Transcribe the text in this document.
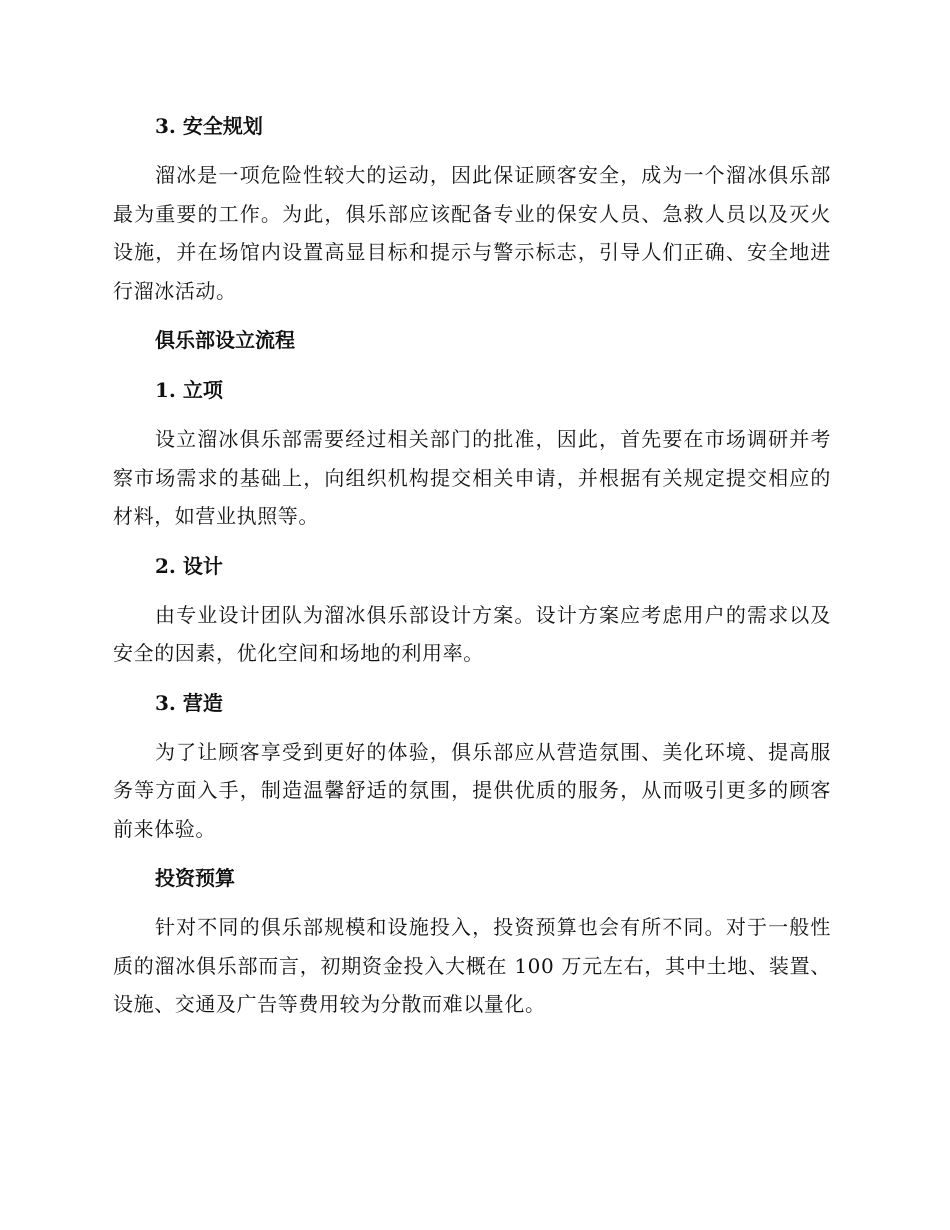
3. 安全规划

溜冰是一项危险性较大的运动，因此保证顾客安全，成为一个溜冰俱乐部最为重要的工作。为此，俱乐部应该配备专业的保安人员、急救人员以及灭火设施，并在场馆内设置高显目标和提示与警示标志，引导人们正确、安全地进行溜冰活动。

俱乐部设立流程
1. 立项

设立溜冰俱乐部需要经过相关部门的批准，因此，首先要在市场调研并考察市场需求的基础上，向组织机构提交相关申请，并根据有关规定提交相应的材料，如营业执照等。

2. 设计

由专业设计团队为溜冰俱乐部设计方案。设计方案应考虑用户的需求以及安全的因素，优化空间和场地的利用率。

3. 营造

为了让顾客享受到更好的体验，俱乐部应从营造氛围、美化环境、提高服务等方面入手，制造温馨舒适的氛围，提供优质的服务，从而吸引更多的顾客前来体验。

投资预算

针对不同的俱乐部规模和设施投入，投资预算也会有所不同。对于一般性质的溜冰俱乐部而言，初期资金投入大概在 100 万元左右，其中土地、装置、设施、交通及广告等费用较为分散而难以量化。
